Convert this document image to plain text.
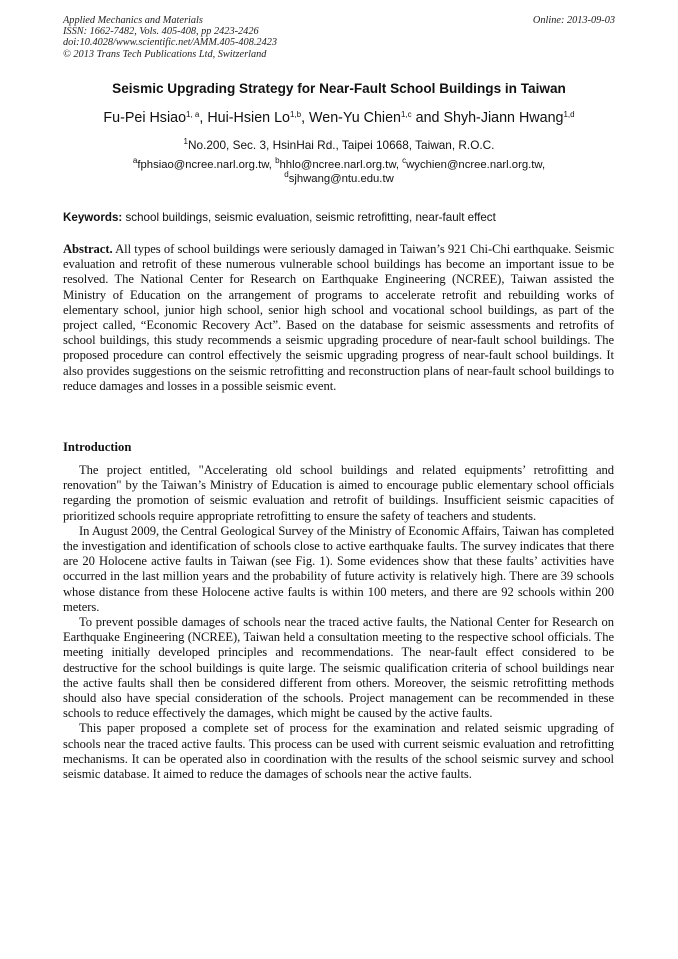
Applied Mechanics and Materials
ISSN: 1662-7482, Vols. 405-408, pp 2423-2426
doi:10.4028/www.scientific.net/AMM.405-408.2423
© 2013 Trans Tech Publications Ltd, Switzerland
Online: 2013-09-03
Seismic Upgrading Strategy for Near-Fault School Buildings in Taiwan
Fu-Pei Hsiao$^{1, a}$, Hui-Hsien Lo$^{1,b}$, Wen-Yu Chien$^{1,c}$ and Shyh-Jiann Hwang$^{1,d}$
$^1$No.200, Sec. 3, HsinHai Rd., Taipei 10668, Taiwan, R.O.C.
$^a$fphsiao@ncree.narl.org.tw, $^b$hhlo@ncree.narl.org.tw, $^c$wychien@ncree.narl.org.tw,
$^d$sjhwang@ntu.edu.tw
Keywords: school buildings, seismic evaluation, seismic retrofitting, near-fault effect
Abstract. All types of school buildings were seriously damaged in Taiwan’s 921 Chi-Chi earthquake. Seismic evaluation and retrofit of these numerous vulnerable school buildings has become an important issue to be resolved. The National Center for Research on Earthquake Engineering (NCREE), Taiwan assisted the Ministry of Education on the arrangement of programs to accelerate retrofit and rebuilding works of elementary school, junior high school, senior high school and vocational school buildings, as part of the project called, “Economic Recovery Act”. Based on the database for seismic assessments and retrofits of school buildings, this study recommends a seismic upgrading procedure of near-fault school buildings. The proposed procedure can control effectively the seismic upgrading progress of near-fault school buildings. It also provides suggestions on the seismic retrofitting and reconstruction plans of near-fault school buildings to reduce damages and losses in a possible seismic event.
Introduction

The project entitled, "Accelerating old school buildings and related equipments’ retrofitting and renovation" by the Taiwan’s Ministry of Education is aimed to encourage public elementary school officials regarding the promotion of seismic evaluation and retrofit of buildings. Insufficient seismic capacities of prioritized schools require appropriate retrofitting to ensure the safety of teachers and students.

In August 2009, the Central Geological Survey of the Ministry of Economic Affairs, Taiwan has completed the investigation and identification of schools close to active earthquake faults. The survey indicates that there are 20 Holocene active faults in Taiwan (see Fig. 1). Some evidences show that these faults’ activities have occurred in the last million years and the probability of future activity is relatively high. There are 39 schools whose distance from these Holocene active faults is within 100 meters, and there are 92 schools within 200 meters.

To prevent possible damages of schools near the traced active faults, the National Center for Research on Earthquake Engineering (NCREE), Taiwan held a consultation meeting to the respective school officials. The meeting initially developed principles and recommendations. The near-fault effect considered to be destructive for the school buildings is quite large. The seismic qualification criteria of school buildings near the active faults shall then be considered different from others. Moreover, the seismic retrofitting methods should also have special consideration of the schools. Project management can be recommended in these schools to reduce effectively the damages, which might be caused by the active faults.

This paper proposed a complete set of process for the examination and related seismic upgrading of schools near the traced active faults. This process can be used with current seismic evaluation and retrofitting mechanisms. It can be operated also in coordination with the results of the school seismic survey and school seismic database. It aimed to reduce the damages of schools near the active faults.
